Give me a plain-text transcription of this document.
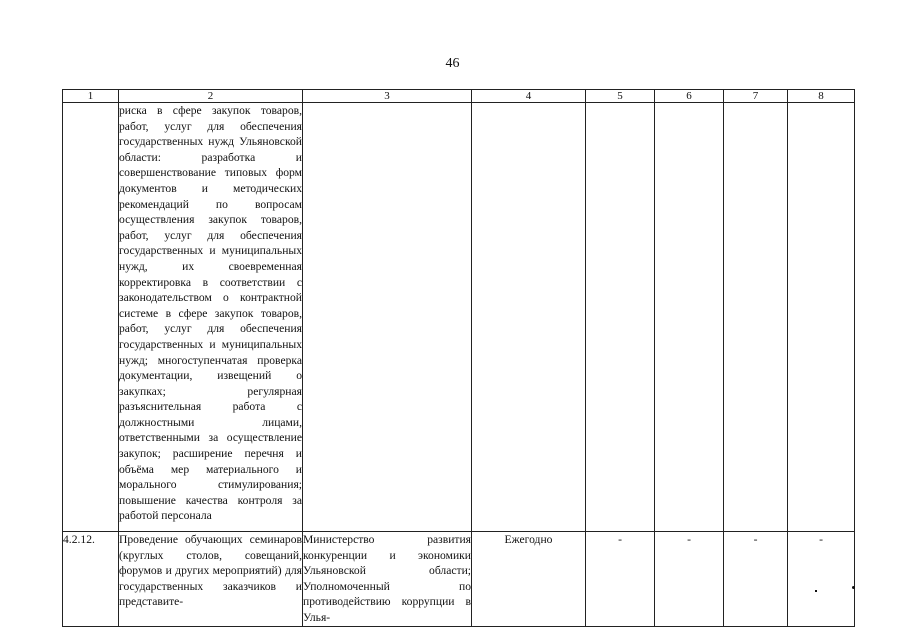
46
1	2	3	4	5	6	7	8
	риска в сфере закупок товаров, работ, услуг для обеспечения государственных нужд Ульяновской области: разработка и совершенствование типовых форм документов и методических рекомендаций по вопросам осуществления закупок товаров, работ, услуг для обеспечения государственных и муниципальных нужд, их своевременная корректировка в соответствии с законодательством о контрактной системе в сфере закупок товаров, работ, услуг для обеспечения государственных и муниципальных нужд; многоступенчатая проверка документации, извещений о закупках; регулярная разъяснительная работа с должностными лицами, ответственными за осуществление закупок; расширение перечня и объёма мер материального и морального стимулирования; повышение качества контроля за работой персонала						
4.2.12.	Проведение обучающих семинаров (круглых столов, совещаний, форумов и других мероприятий) для государственных заказчиков и представите-	Министерство развития конкуренции и экономики Ульяновской области; Уполномоченный по противодействию коррупции в Улья-	Ежегодно	-	-	-	-
